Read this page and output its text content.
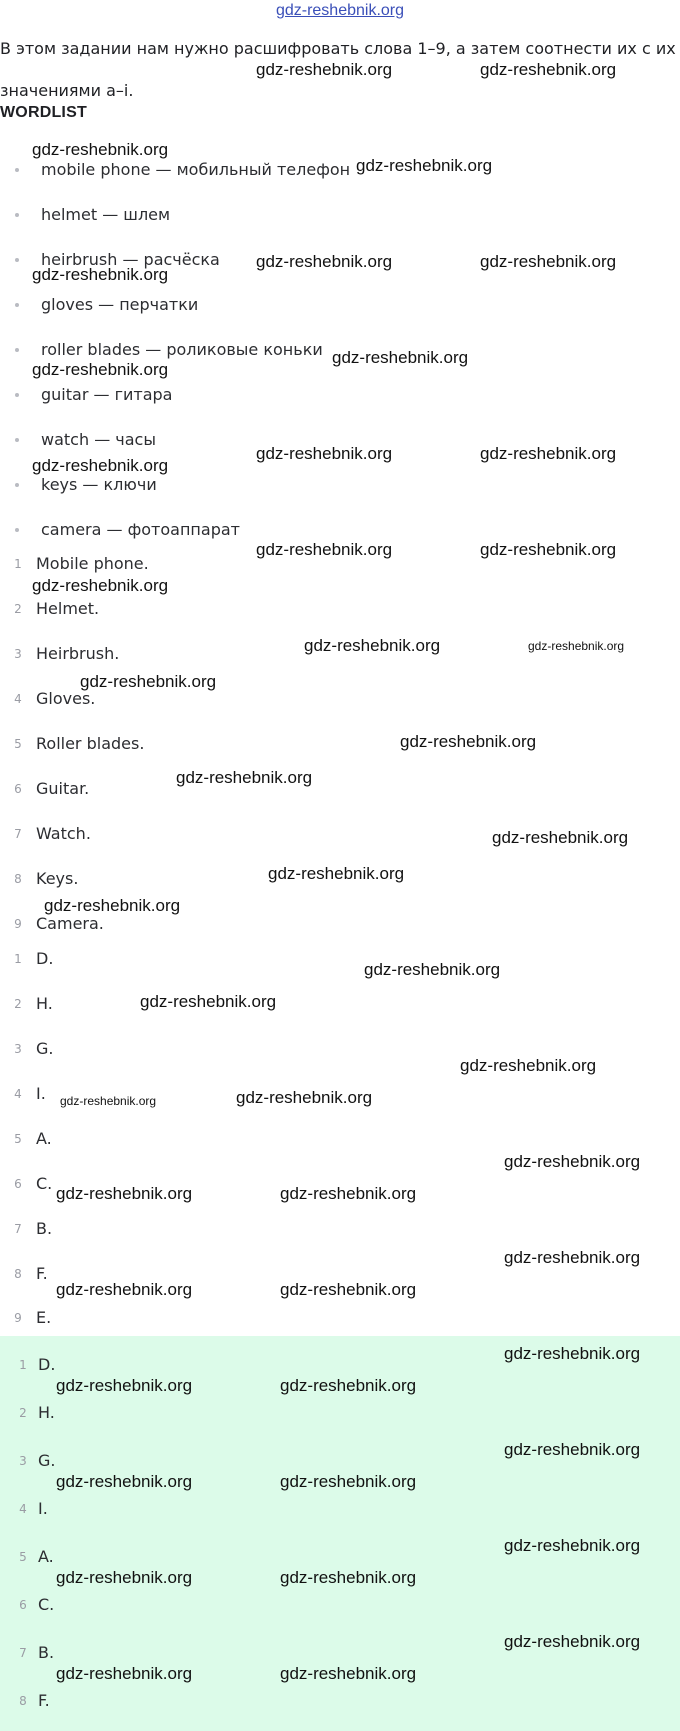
gdz-reshebnik.org
В этом задании нам нужно расшифровать слова 1–9, а затем соотнести их с их значениями a–i.
WORDLIST
mobile phone — мобильный телефон
helmet — шлем
heirbrush — расчёска
gloves — перчатки
roller blades — роликовые коньки
guitar — гитара
watch — часы
keys — ключи
camera — фотоаппарат
1 Mobile phone.
2 Helmet.
3 Heirbrush.
4 Gloves.
5 Roller blades.
6 Guitar.
7 Watch.
8 Keys.
9 Camera.
1 D.
2 H.
3 G.
4 I.
5 A.
6 C.
7 B.
8 F.
9 E.
1 D.
2 H.
3 G.
4 I.
5 A.
6 C.
7 B.
8 F.
gdz-reshebnik.org	gdz-reshebnik.org
gdz-reshebnik.org
gdz-reshebnik.org
gdz-reshebnik.org	gdz-reshebnik.org
gdz-reshebnik.org
gdz-reshebnik.org
gdz-reshebnik.org
gdz-reshebnik.org	gdz-reshebnik.org
gdz-reshebnik.org
gdz-reshebnik.org	gdz-reshebnik.org
gdz-reshebnik.org
gdz-reshebnik.org	gdz-reshebnik.org
gdz-reshebnik.org
gdz-reshebnik.org
gdz-reshebnik.org
gdz-reshebnik.org
gdz-reshebnik.org
gdz-reshebnik.org
gdz-reshebnik.org
gdz-reshebnik.org
gdz-reshebnik.org
gdz-reshebnik.org	gdz-reshebnik.org
gdz-reshebnik.org
gdz-reshebnik.org	gdz-reshebnik.org
gdz-reshebnik.org
gdz-reshebnik.org	gdz-reshebnik.org
gdz-reshebnik.org
gdz-reshebnik.org	gdz-reshebnik.org
gdz-reshebnik.org
gdz-reshebnik.org	gdz-reshebnik.org
gdz-reshebnik.org
gdz-reshebnik.org	gdz-reshebnik.org
gdz-reshebnik.org
gdz-reshebnik.org	gdz-reshebnik.org
